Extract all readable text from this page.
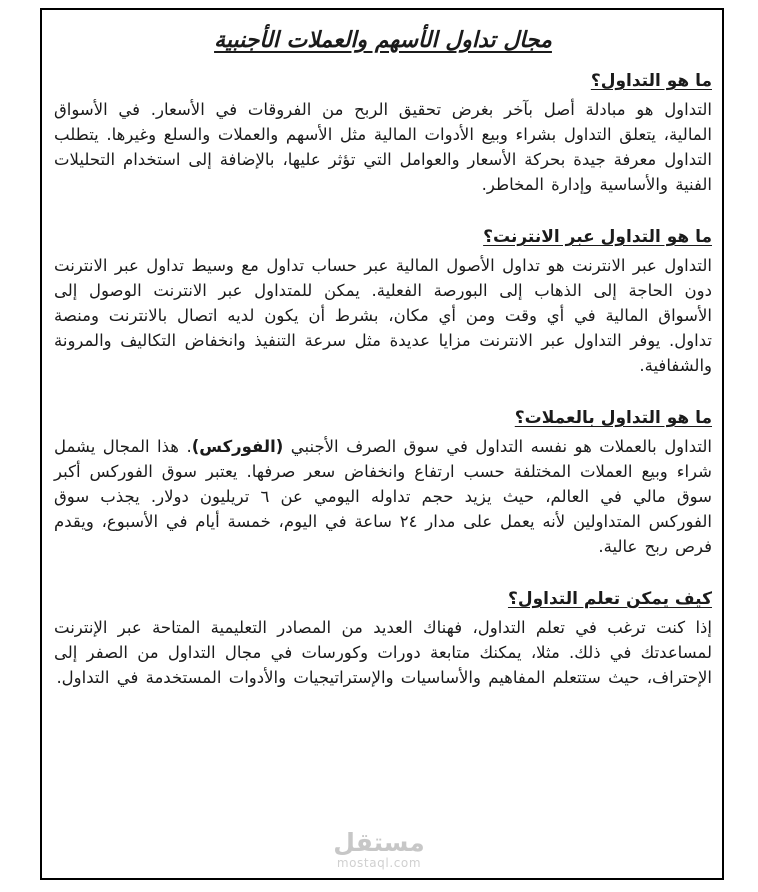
مجال تداول الأسهم والعملات الأجنبية
ما هو التداول؟

التداول هو مبادلة أصل بآخر بغرض تحقيق الربح من الفروقات في الأسعار. في الأسواق المالية، يتعلق التداول بشراء وبيع الأدوات المالية مثل الأسهم والعملات والسلع وغيرها. يتطلب التداول معرفة جيدة بحركة الأسعار والعوامل التي تؤثر عليها، بالإضافة إلى استخدام التحليلات الفنية والأساسية وإدارة المخاطر.

ما هو التداول عبر الانترنت؟

التداول عبر الانترنت هو تداول الأصول المالية عبر حساب تداول مع وسيط تداول عبر الانترنت دون الحاجة إلى الذهاب إلى البورصة الفعلية. يمكن للمتداول عبر الانترنت الوصول إلى الأسواق المالية في أي وقت ومن أي مكان، بشرط أن يكون لديه اتصال بالانترنت ومنصة تداول. يوفر التداول عبر الانترنت مزايا عديدة مثل سرعة التنفيذ وانخفاض التكاليف والمرونة والشفافية.

ما هو التداول بالعملات؟

التداول بالعملات هو نفسه التداول في سوق الصرف الأجنبي (الفوركس). هذا المجال يشمل شراء وبيع العملات المختلفة حسب ارتفاع وانخفاض سعر صرفها. يعتبر سوق الفوركس أكبر سوق مالي في العالم، حيث يزيد حجم تداوله اليومي عن ٦ تريليون دولار. يجذب سوق الفوركس المتداولين لأنه يعمل على مدار ٢٤ ساعة في اليوم، خمسة أيام في الأسبوع، ويقدم فرص ربح عالية.

كيف يمكن تعلم التداول؟

إذا كنت ترغب في تعلم التداول، فهناك العديد من المصادر التعليمية المتاحة عبر الإنترنت لمساعدتك في ذلك. مثلا، يمكنك متابعة دورات وكورسات في مجال التداول من الصفر إلى الإحتراف، حيث ستتعلم المفاهيم والأساسيات والإستراتيجيات والأدوات المستخدمة في التداول.

مستقل
mostaql.com
